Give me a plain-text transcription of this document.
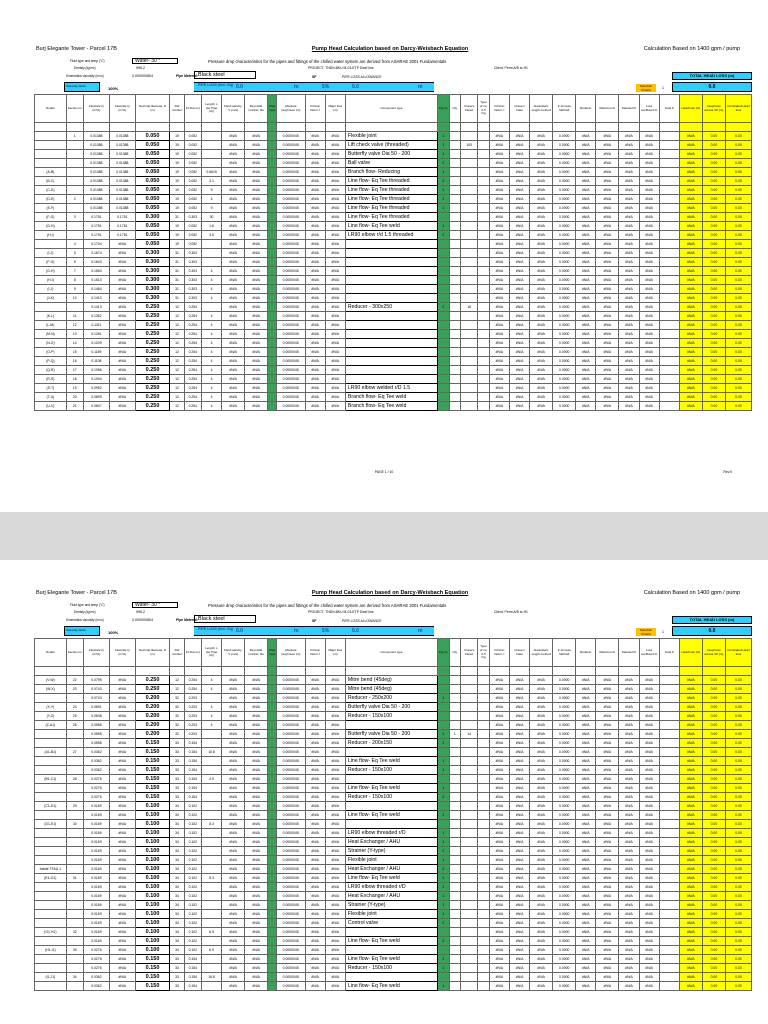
Burj Elegante Tower - Parcel 17B	Pump Head Calculation based on Darcy-Weisbach Equation	Calculation Based on 1400 gpm / pump
Fluid type and temp (°C)	Water- 30 °	Pressure drop characteristics for the pipes and fittings of the chilled water system are derived from ASHRAE 2001 Fundamentals
Density (kg/m³)	996.2	PROJECT: TNDN BKU M-03-ETP Dwel line	Client: Perm A/B to H1
Kinematics viscosity (m²/s)	0.000000804	Pipe Material: Black steel	SF	PIPE LOSS ALLOWANCE	TOTAL HEAD LOSS (m)
Viscosity factor	100%
PIPE LOSS (incl. Eq) 0.0	m	5%	0.0	m	Selection Criteria	1	0.0
Nodes	Section no	Flowrate Q (m³/s)	Flowrate Q (m³/s)	Nominal diameter, D (m)	Ref number	Int Dia (m)	Length, L (for Pipe (m))	Fluid velocity, V (m/s)	Reynolds number, Re	Pipe Type	Absolute roughness (m)	Friction factor, f	Major loss (m)	Component type	Fig no	Qty	Crane's Factor	Type of no. 0.5 Fig	Friction factor, f	Crane's Data	Equivalent length method	K formula Method	Reducer	Maximum K	Selected K	Loss coefficient K	Total K	Head loss (m)	Head loss across ctrl (m)	Cumulated Head loss

	1	0.01388	0.01388	0.050	19	0.052		#N/A	#N/A		0.0000045	#N/A	#N/A	Flexible joint	1				#N/A	#N/A	#N/A	0.0000	#N/A	#N/A	#N/A	#N/A		#N/A	0.00	0.00
		0.01388	0.01388	0.050	19	0.052		#N/A	#N/A		0.0000045	#N/A	#N/A	Lift check valve (threaded)	1		100		#N/A	#N/A	#N/A	0.0000	#N/A	#N/A	#N/A	#N/A		#N/A	0.00	0.00
		0.01388	0.01388	0.050	19	0.052		#N/A	#N/A		0.0000045	#N/A	#N/A	Butterfly valve Dia 50 - 200	1				#N/A	#N/A	#N/A	0.0000	#N/A	#N/A	#N/A	#N/A		#N/A	0.00	0.00
		0.01388	0.01388	0.050	19	0.052		#N/A	#N/A		0.0000045	#N/A	#N/A	Ball valve	1				#N/A	#N/A	#N/A	0.0000	#N/A	#N/A	#N/A	#N/A		#N/A	0.00	0.00
(A-B)		0.01388	0.01388	0.050	19	0.052	0.6615	#N/A	#N/A		0.0000045	#N/A	#N/A	Branch flow- Reducing	1				#N/A	#N/A	#N/A	0.0000	#N/A	#N/A	#N/A	#N/A		#N/A	0.00	0.00
(B-C)		0.01388	0.01388	0.050	19	0.052	3.1	#N/A	#N/A		0.0000045	#N/A	#N/A	Line flow- Eq Tee threaded	1				#N/A	#N/A	#N/A	0.0000	#N/A	#N/A	#N/A	#N/A		#N/A	0.00	0.00
(C-D)		0.01388	0.01388	0.050	19	0.052	5	#N/A	#N/A		0.0000045	#N/A	#N/A	Line flow- Eq Tee threaded	1				#N/A	#N/A	#N/A	0.0000	#N/A	#N/A	#N/A	#N/A		#N/A	0.00	0.00
(D-E)	2	0.01388	0.01388	0.050	19	0.052	4	#N/A	#N/A		0.0000045	#N/A	#N/A	Line flow- Eq Tee threaded	1				#N/A	#N/A	#N/A	0.0000	#N/A	#N/A	#N/A	#N/A		#N/A	0.00	0.00
(E-F)		0.01388	0.01388	0.050	19	0.052	9	#N/A	#N/A		0.0000045	#N/A	#N/A	Line flow- Eq Tee threaded	1				#N/A	#N/A	#N/A	0.0000	#N/A	#N/A	#N/A	#N/A		#N/A	0.00	0.00
(F-G)	3	0.1751	0.1751	0.300	31	0.303	30	#N/A	#N/A		0.0000045	#N/A	#N/A	Line flow- Eq Tee threaded					#N/A	#N/A	#N/A	0.0000	#N/A	#N/A	#N/A	#N/A		#N/A	0.00	0.00
(G-H)		0.1751	0.1751	0.050	19	0.052	1.6	#N/A	#N/A		0.0000045	#N/A	#N/A	Line flow- Eq Tee weld	1				#N/A	#N/A	#N/A	0.0000	#N/A	#N/A	#N/A	#N/A		#N/A	0.00	0.00
(H-I)		0.1751	0.1751	0.050	19	0.052	3.5	#N/A	#N/A		0.0000045	#N/A	#N/A	LR90 elbow r/d 1.5 threaded	1				#N/A	#N/A	#N/A	0.0000	#N/A	#N/A	#N/A	#N/A		#N/A	0.00	0.00
	4	0.1704	#N/A	0.050	19	0.052		#N/A	#N/A		0.0000045	#N/A	#N/A						#N/A	#N/A	#N/A	0.0000	#N/A	#N/A	#N/A	#N/A		#N/A	0.00	0.00
(I-J)	5	0.1674	#N/A	0.300	31	0.303		#N/A	#N/A		0.0000045	#N/A	#N/A						#N/A	#N/A	#N/A	0.0000	#N/A	#N/A	#N/A	#N/A		#N/A	0.00	0.00
(F-G)	6	0.1643	#N/A	0.300	31	0.303		#N/A	#N/A		0.0000045	#N/A	#N/A						#N/A	#N/A	#N/A	0.0000	#N/A	#N/A	#N/A	#N/A		#N/A	0.00	0.00
(G-H)	7	0.1563	#N/A	0.300	31	0.303	4	#N/A	#N/A		0.0000045	#N/A	#N/A						#N/A	#N/A	#N/A	0.0000	#N/A	#N/A	#N/A	#N/A		#N/A	0.00	0.00
(H-I)	8	0.1513	#N/A	0.300	31	0.303	4	#N/A	#N/A		0.0000045	#N/A	#N/A						#N/A	#N/A	#N/A	0.0000	#N/A	#N/A	#N/A	#N/A		#N/A	0.00	0.00
(I-J)	9	0.1464	#N/A	0.300	31	0.303	4	#N/A	#N/A		0.0000045	#N/A	#N/A						#N/A	#N/A	#N/A	0.0000	#N/A	#N/A	#N/A	#N/A		#N/A	0.00	0.00
(J-K)	10	0.1413	#N/A	0.300	31	0.303	4	#N/A	#N/A		0.0000045	#N/A	#N/A						#N/A	#N/A	#N/A	0.0000	#N/A	#N/A	#N/A	#N/A		#N/A	0.00	0.00
		0.1413	#N/A	0.250	12	0.254		#N/A	#N/A		0.0000045	#N/A	#N/A	Reducer - 300x250	1		18		#N/A	#N/A	#N/A	0.0000	#N/A	#N/A	#N/A	#N/A		#N/A	0.00	0.00
(K-L)	11	0.1362	#N/A	0.250	12	0.254	4	#N/A	#N/A		0.0000045	#N/A	#N/A						#N/A	#N/A	#N/A	0.0000	#N/A	#N/A	#N/A	#N/A		#N/A	0.00	0.00
(L-M)	12	0.1311	#N/A	0.250	12	0.254	4	#N/A	#N/A		0.0000045	#N/A	#N/A						#N/A	#N/A	#N/A	0.0000	#N/A	#N/A	#N/A	#N/A		#N/A	0.00	0.00
(M-N)	13	0.1261	#N/A	0.250	12	0.254	4	#N/A	#N/A		0.0000045	#N/A	#N/A						#N/A	#N/A	#N/A	0.0000	#N/A	#N/A	#N/A	#N/A		#N/A	0.00	0.00
(N-O)	14	0.1209	#N/A	0.250	12	0.254	4	#N/A	#N/A		0.0000045	#N/A	#N/A						#N/A	#N/A	#N/A	0.0000	#N/A	#N/A	#N/A	#N/A		#N/A	0.00	0.00
(O-P)	15	0.1159	#N/A	0.250	12	0.254	4	#N/A	#N/A		0.0000045	#N/A	#N/A						#N/A	#N/A	#N/A	0.0000	#N/A	#N/A	#N/A	#N/A		#N/A	0.00	0.00
(P-Q)	16	0.1108	#N/A	0.250	12	0.254	4	#N/A	#N/A		0.0000045	#N/A	#N/A						#N/A	#N/A	#N/A	0.0000	#N/A	#N/A	#N/A	#N/A		#N/A	0.00	0.00
(Q-R)	17	0.1056	#N/A	0.250	12	0.254	4	#N/A	#N/A		0.0000045	#N/A	#N/A						#N/A	#N/A	#N/A	0.0000	#N/A	#N/A	#N/A	#N/A		#N/A	0.00	0.00
(R-S)	18	0.1004	#N/A	0.250	12	0.254	4	#N/A	#N/A		0.0000045	#N/A	#N/A						#N/A	#N/A	#N/A	0.0000	#N/A	#N/A	#N/A	#N/A		#N/A	0.00	0.00
(S-T)	19	0.0952	#N/A	0.250	12	0.254	4	#N/A	#N/A		0.0000045	#N/A	#N/A	LR90 elbow welded r/D 1.5					#N/A	#N/A	#N/A	0.0000	#N/A	#N/A	#N/A	#N/A		#N/A	0.00	0.00
(T-U)	20	0.0899	#N/A	0.250	12	0.254	4	#N/A	#N/A		0.0000045	#N/A	#N/A	Branch flow- Eq Tee weld					#N/A	#N/A	#N/A	0.0000	#N/A	#N/A	#N/A	#N/A		#N/A	0.00	0.00
(U-V)	21	0.0847	#N/A	0.250	12	0.254	4	#N/A	#N/A		0.0000045	#N/A	#N/A	Branch flow- Eq Tee weld					#N/A	#N/A	#N/A	0.0000	#N/A	#N/A	#N/A	#N/A		#N/A	0.00	0.00
PAGE 1 / 10	Rev.0
Burj Elegante Tower - Parcel 17B	Pump Head Calculation based on Darcy-Weisbach Equation	Calculation Based on 1400 gpm / pump
Fluid type and temp (°C)	Water- 30 °	Pressure drop characteristics for the pipes and fittings of the chilled water system are derived from ASHRAE 2001 Fundamentals
Density (kg/m³)	996.2	PROJECT: TNDN BKU M-03-ETP Dwel line	Client: Perm A/B to H1
Kinematics viscosity (m²/s)	0.000000804	Pipe Material: Black steel	SF	PIPE LOSS ALLOWANCE	TOTAL HEAD LOSS (m)
Viscosity factor	100%
PIPE LOSS (incl. Eq) 0.0	m	5%	0.0	m	Selection Criteria	1	0.0
Nodes	Section no	Flowrate Q (m³/s)	Flowrate Q (m³/s)	Nominal diameter, D (m)	Ref number	Int Dia (m)	Length, L (for Pipe (m))	Fluid velocity, V (m/s)	Reynolds number, Re	Pipe Type	Absolute roughness (m)	Friction factor, f	Major loss (m)	Component type	Fig no	Qty	Crane's Factor	Type of no. 0.5 Fig	Friction factor, f	Crane's Data	Equivalent length method	K formula Method	Reducer	Maximum K	Selected K	Loss coefficient K	Total K	Head loss (m)	Head loss across ctrl (m)	Cumulated Head loss

(V-W)	22	0.0795	#N/A	0.250	12	0.254	4	#N/A	#N/A		0.0000045	#N/A	#N/A	Mitre bend (45deg)					#N/A	#N/A	#N/A	0.0000	#N/A	#N/A	#N/A	#N/A		#N/A	0.00	0.00
(W-X)	23	0.0743	#N/A	0.250	12	0.254	4	#N/A	#N/A		0.0000045	#N/A	#N/A	Mitre bend (45deg)					#N/A	#N/A	#N/A	0.0000	#N/A	#N/A	#N/A	#N/A		#N/A	0.00	0.00
		0.0743	#N/A	0.200	32	0.203		#N/A	#N/A		0.0000045	#N/A	#N/A	Reducer - 250x200	1				#N/A	#N/A	#N/A	0.0000	#N/A	#N/A	#N/A	#N/A		#N/A	0.00	0.00
(X-Y)	24	0.0691	#N/A	0.200	32	0.203	4	#N/A	#N/A		0.0000045	#N/A	#N/A	Butterfly valve Dia 50 - 200					#N/A	#N/A	#N/A	0.0000	#N/A	#N/A	#N/A	#N/A		#N/A	0.00	0.00
(Y-Z)	25	0.0638	#N/A	0.200	32	0.203	4	#N/A	#N/A		0.0000045	#N/A	#N/A	Reducer - 150x100					#N/A	#N/A	#N/A	0.0000	#N/A	#N/A	#N/A	#N/A		#N/A	0.00	0.00
(Z-A1)	26	0.0558	#N/A	0.200	32	0.203	4	#N/A	#N/A		0.0000045	#N/A	#N/A						#N/A	#N/A	#N/A	0.0000	#N/A	#N/A	#N/A	#N/A		#N/A	0.00	0.00
		0.0558	#N/A	0.200	32	0.203		#N/A	#N/A		0.0000045	#N/A	#N/A	Butterfly valve Dia 50 - 200	1	1	14		#N/A	#N/A	#N/A	0.0000	#N/A	#N/A	#N/A	#N/A		#N/A	0.00	0.00
		0.0558	#N/A	0.150	33	0.154		#N/A	#N/A		0.0000045	#N/A	#N/A	Reducer - 200x150	1				#N/A	#N/A	#N/A	0.0000	#N/A	#N/A	#N/A	#N/A		#N/A	0.00	0.00
(A1-B1)	27	0.0362	#N/A	0.150	33	0.154	16.8	#N/A	#N/A		0.0000045	#N/A	#N/A						#N/A	#N/A	#N/A	0.0000	#N/A	#N/A	#N/A	#N/A		#N/A	0.00	0.00
		0.0362	#N/A	0.150	33	0.154		#N/A	#N/A		0.0000045	#N/A	#N/A	Line flow- Eq Tee weld	1				#N/A	#N/A	#N/A	0.0000	#N/A	#N/A	#N/A	#N/A		#N/A	0.00	0.00
		0.0362	#N/A	0.150	33	0.154		#N/A	#N/A		0.0000045	#N/A	#N/A	Reducer - 150x100	1				#N/A	#N/A	#N/A	0.0000	#N/A	#N/A	#N/A	#N/A		#N/A	0.00	0.00
(B1-C1)	28	0.0276	#N/A	0.150	33	0.154	4.9	#N/A	#N/A		0.0000045	#N/A	#N/A						#N/A	#N/A	#N/A	0.0000	#N/A	#N/A	#N/A	#N/A		#N/A	0.00	0.00
		0.0276	#N/A	0.150	33	0.154		#N/A	#N/A		0.0000045	#N/A	#N/A	Line flow- Eq Tee weld	1				#N/A	#N/A	#N/A	0.0000	#N/A	#N/A	#N/A	#N/A		#N/A	0.00	0.00
		0.0276	#N/A	0.150	33	0.154		#N/A	#N/A		0.0000045	#N/A	#N/A	Reducer - 150x100	1				#N/A	#N/A	#N/A	0.0000	#N/A	#N/A	#N/A	#N/A		#N/A	0.00	0.00
(C1-D1)	29	0.0169	#N/A	0.100	34	0.102		#N/A	#N/A		0.0000045	#N/A	#N/A						#N/A	#N/A	#N/A	0.0000	#N/A	#N/A	#N/A	#N/A		#N/A	0.00	0.00
		0.0169	#N/A	0.100	34	0.102		#N/A	#N/A		0.0000045	#N/A	#N/A	Line flow- Eq Tee weld	1				#N/A	#N/A	#N/A	0.0000	#N/A	#N/A	#N/A	#N/A		#N/A	0.00	0.00
(D1-E1)	30	0.0169	#N/A	0.100	34	0.102	8.3	#N/A	#N/A		0.0000045	#N/A	#N/A						#N/A	#N/A	#N/A	0.0000	#N/A	#N/A	#N/A	#N/A		#N/A	0.00	0.00
		0.0169	#N/A	0.100	34	0.102		#N/A	#N/A		0.0000045	#N/A	#N/A	LR90 elbow threaded r/D	1				#N/A	#N/A	#N/A	0.0000	#N/A	#N/A	#N/A	#N/A		#N/A	0.00	0.00
		0.0169	#N/A	0.100	34	0.102		#N/A	#N/A		0.0000045	#N/A	#N/A	Heat Exchanger / AHU	1				#N/A	#N/A	#N/A	0.0000	#N/A	#N/A	#N/A	#N/A		#N/A	0.00	0.00
		0.0169	#N/A	0.100	34	0.102		#N/A	#N/A		0.0000045	#N/A	#N/A	Strainer (Y-type)	1				#N/A	#N/A	#N/A	0.0000	#N/A	#N/A	#N/A	#N/A		#N/A	0.00	0.00
		0.0169	#N/A	0.100	34	0.102		#N/A	#N/A		0.0000045	#N/A	#N/A	Flexible joint	1				#N/A	#N/A	#N/A	0.0000	#N/A	#N/A	#N/A	#N/A		#N/A	0.00	0.00
Inside TFAU 1		0.0169	#N/A	0.100	34	0.102		#N/A	#N/A		0.0000045	#N/A	#N/A	Heat Exchanger / AHU	1				#N/A	#N/A	#N/A	0.0000	#N/A	#N/A	#N/A	#N/A		#N/A	0.00	0.00
(E1-G1)	31	0.0169	#N/A	0.100	34	0.102	8.3	#N/A	#N/A		0.0000045	#N/A	#N/A	Line flow- Eq Tee weld	1				#N/A	#N/A	#N/A	0.0000	#N/A	#N/A	#N/A	#N/A		#N/A	0.00	0.00
		0.0169	#N/A	0.100	34	0.102		#N/A	#N/A		0.0000045	#N/A	#N/A	LR90 elbow threaded r/D	1				#N/A	#N/A	#N/A	0.0000	#N/A	#N/A	#N/A	#N/A		#N/A	0.00	0.00
		0.0169	#N/A	0.100	34	0.102		#N/A	#N/A		0.0000045	#N/A	#N/A	Heat Exchanger / AHU	1				#N/A	#N/A	#N/A	0.0000	#N/A	#N/A	#N/A	#N/A		#N/A	0.00	0.00
		0.0169	#N/A	0.100	34	0.102		#N/A	#N/A		0.0000045	#N/A	#N/A	Strainer (Y-type)	1				#N/A	#N/A	#N/A	0.0000	#N/A	#N/A	#N/A	#N/A		#N/A	0.00	0.00
		0.0169	#N/A	0.100	34	0.102		#N/A	#N/A		0.0000045	#N/A	#N/A	Flexible joint	1				#N/A	#N/A	#N/A	0.0000	#N/A	#N/A	#N/A	#N/A		#N/A	0.00	0.00
		0.0169	#N/A	0.100	34	0.102		#N/A	#N/A		0.0000045	#N/A	#N/A	Control valve	1				#N/A	#N/A	#N/A	0.0000	#N/A	#N/A	#N/A	#N/A		#N/A	0.00	0.00
(G1-H1)	32	0.0169	#N/A	0.100	34	0.102	6.9	#N/A	#N/A		0.0000045	#N/A	#N/A						#N/A	#N/A	#N/A	0.0000	#N/A	#N/A	#N/A	#N/A		#N/A	0.00	0.00
		0.0169	#N/A	0.100	34	0.102		#N/A	#N/A		0.0000045	#N/A	#N/A	Line flow- Eq Tee weld	1				#N/A	#N/A	#N/A	0.0000	#N/A	#N/A	#N/A	#N/A		#N/A	0.00	0.00
(H1-I1)	33	0.0276	#N/A	0.100	34	0.102	6.9	#N/A	#N/A		0.0000045	#N/A	#N/A						#N/A	#N/A	#N/A	0.0000	#N/A	#N/A	#N/A	#N/A		#N/A	0.00	0.00
		0.0276	#N/A	0.150	33	0.154		#N/A	#N/A		0.0000045	#N/A	#N/A	Line flow- Eq Tee weld	1				#N/A	#N/A	#N/A	0.0000	#N/A	#N/A	#N/A	#N/A		#N/A	0.00	0.00
		0.0276	#N/A	0.150	33	0.154		#N/A	#N/A		0.0000045	#N/A	#N/A	Reducer - 150x100	1				#N/A	#N/A	#N/A	0.0000	#N/A	#N/A	#N/A	#N/A		#N/A	0.00	0.00
(I1-J1)	34	0.0362	#N/A	0.150	33	0.154	16.8	#N/A	#N/A		0.0000045	#N/A	#N/A						#N/A	#N/A	#N/A	0.0000	#N/A	#N/A	#N/A	#N/A		#N/A	0.00	0.00
		0.0362	#N/A	0.150	33	0.154		#N/A	#N/A		0.0000045	#N/A	#N/A	Line flow- Eq Tee weld	1				#N/A	#N/A	#N/A	0.0000	#N/A	#N/A	#N/A	#N/A		#N/A	0.00	0.00
